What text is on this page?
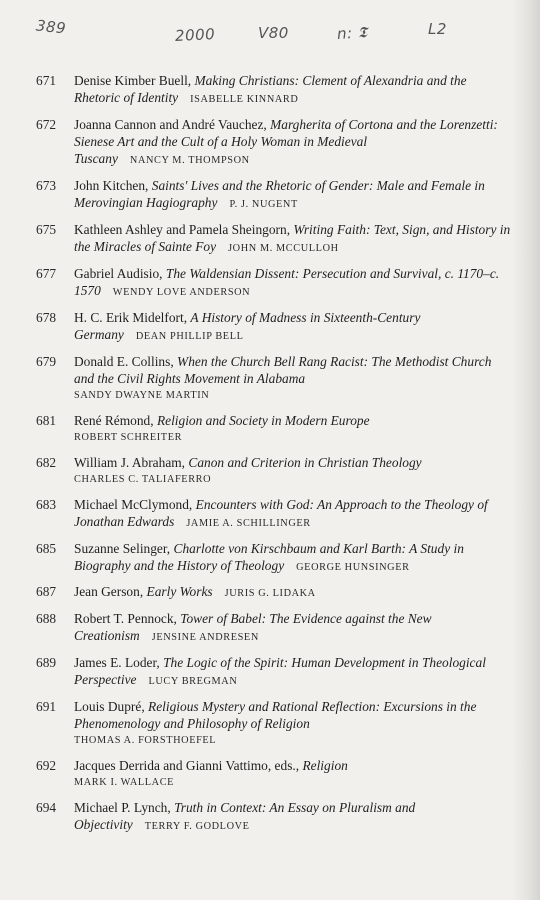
389	2000	V80	n: 𝕿	L2
671	Denise Kimber Buell, Making Christians: Clement of Alexandria and the Rhetoric of Identity ISABELLE KINNARD
672	Joanna Cannon and André Vauchez, Margherita of Cortona and the Lorenzetti: Sienese Art and the Cult of a Holy Woman in Medieval Tuscany NANCY M. THOMPSON
673	John Kitchen, Saints' Lives and the Rhetoric of Gender: Male and Female in Merovingian Hagiography P. J. NUGENT
675	Kathleen Ashley and Pamela Sheingorn, Writing Faith: Text, Sign, and History in the Miracles of Sainte Foy JOHN M. MCCULLOH
677	Gabriel Audisio, The Waldensian Dissent: Persecution and Survival, c. 1170–c. 1570 WENDY LOVE ANDERSON
678	H. C. Erik Midelfort, A History of Madness in Sixteenth-Century Germany DEAN PHILLIP BELL
679	Donald E. Collins, When the Church Bell Rang Racist: The Methodist Church and the Civil Rights Movement in Alabama
SANDY DWAYNE MARTIN
681	René Rémond, Religion and Society in Modern Europe
ROBERT SCHREITER
682	William J. Abraham, Canon and Criterion in Christian Theology
CHARLES C. TALIAFERRO
683	Michael McClymond, Encounters with God: An Approach to the Theology of Jonathan Edwards JAMIE A. SCHILLINGER
685	Suzanne Selinger, Charlotte von Kirschbaum and Karl Barth: A Study in Biography and the History of Theology GEORGE HUNSINGER
687	Jean Gerson, Early Works JURIS G. LIDAKA
688	Robert T. Pennock, Tower of Babel: The Evidence against the New Creationism JENSINE ANDRESEN
689	James E. Loder, The Logic of the Spirit: Human Development in Theological Perspective LUCY BREGMAN
691	Louis Dupré, Religious Mystery and Rational Reflection: Excursions in the Phenomenology and Philosophy of Religion
THOMAS A. FORSTHOEFEL
692	Jacques Derrida and Gianni Vattimo, eds., Religion
MARK I. WALLACE
694	Michael P. Lynch, Truth in Context: An Essay on Pluralism and Objectivity TERRY F. GODLOVE
